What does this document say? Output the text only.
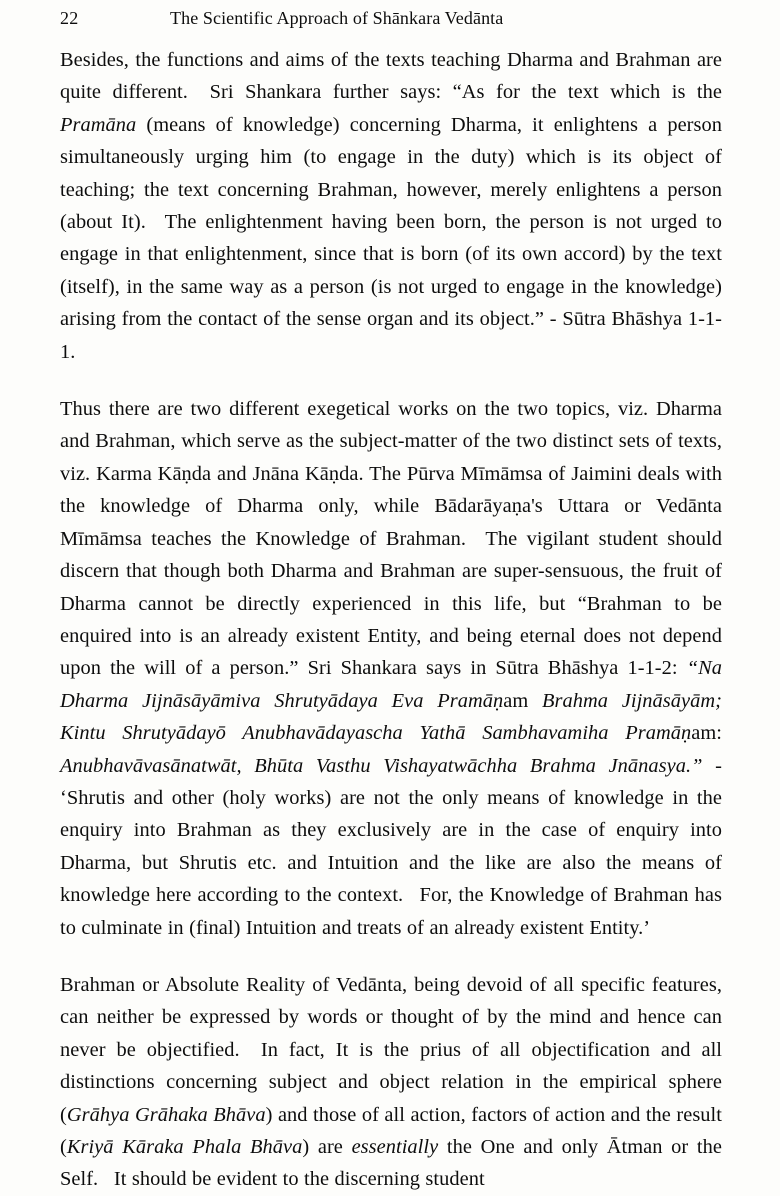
22	The Scientific Approach of Shānkara Vedānta

Besides, the functions and aims of the texts teaching Dharma and Brahman are quite different.  Sri Shankara further says: “As for the text which is the Pramāna (means of knowledge) concerning Dharma, it enlightens a person simultaneously urging him (to engage in the duty) which is its object of teaching; the text concerning Brahman, however, merely enlightens a person (about It).  The enlightenment having been born, the person is not urged to engage in that enlightenment, since that is born (of its own accord) by the text (itself), in the same way as a person (is not urged to engage in the knowledge) arising from the contact of the sense organ and its object.” - Sūtra Bhāshya 1-1-1.

Thus there are two different exegetical works on the two topics, viz. Dharma and Brahman, which serve as the subject-matter of the two distinct sets of texts, viz. Karma Kāṇda and Jnāna Kāṇda. The Pūrva Mīmāmsa of Jaimini deals with the knowledge of Dharma only, while Bādarāyaṇa's Uttara or Vedānta Mīmāmsa teaches the Knowledge of Brahman.  The vigilant student should discern that though both Dharma and Brahman are super-sensuous, the fruit of Dharma cannot be directly experienced in this life, but “Brahman to be enquired into is an already existent Entity, and being eternal does not depend upon the will of a person.” Sri Shankara says in Sūtra Bhāshya 1-1-2: “Na Dharma Jijnāsāyāmiva Shrutyādaya Eva Pramāṇam Brahma Jijnāsāyām; Kintu Shrutyādayō Anubhavādayascha Yathā Sambhavamiha Pramāṇam: Anubhavāvasānatwāt, Bhūta Vasthu Vishayatwāchha Brahma Jnānasya.” - ‘Shrutis and other (holy works) are not the only means of knowledge in the enquiry into Brahman as they exclusively are in the case of enquiry into Dharma, but Shrutis etc. and Intuition and the like are also the means of knowledge here according to the context.  For, the Knowledge of Brahman has to culminate in (final) Intuition and treats of an already existent Entity.’

Brahman or Absolute Reality of Vedānta, being devoid of all specific features, can neither be expressed by words or thought of by the mind and hence can never be objectified.  In fact, It is the prius of all objectification and all distinctions concerning subject and object relation in the empirical sphere (Grāhya Grāhaka Bhāva) and those of all action, factors of action and the result (Kriyā Kāraka Phala Bhāva) are essentially the One and only Ātman or the Self.  It should be evident to the discerning student
